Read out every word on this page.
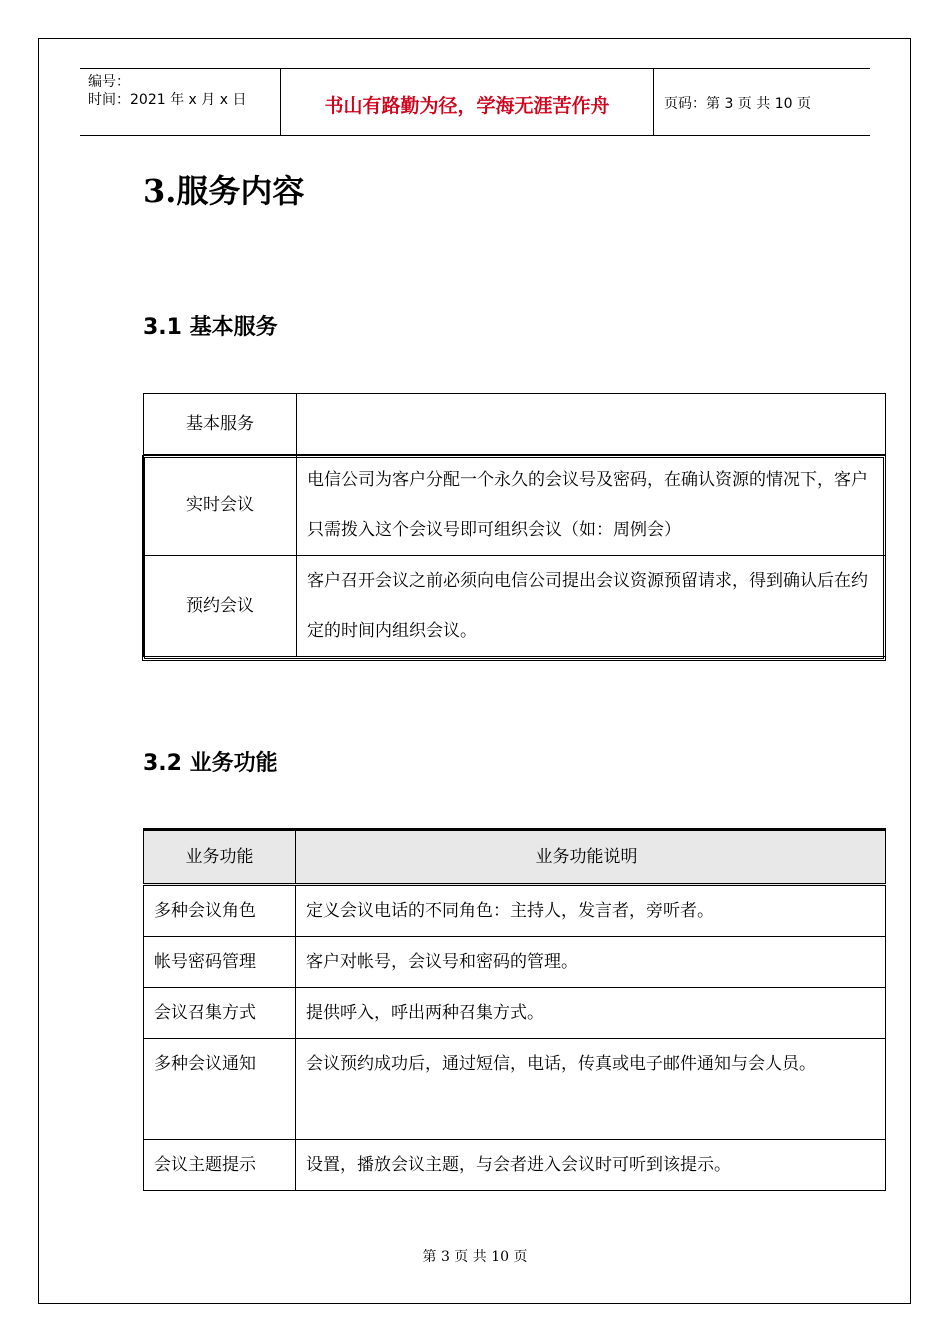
编号：
时间：2021 年 x 月 x 日	书山有路勤为径，学海无涯苦作舟	页码：第 3 页 共 10 页
3.服务内容
3.1 基本服务
基本服务	
实时会议	电信公司为客户分配一个永久的会议号及密码，在确认资源的情况下，客户只需拨入这个会议号即可组织会议（如：周例会）
预约会议	客户召开会议之前必须向电信公司提出会议资源预留请求，得到确认后在约定的时间内组织会议。
3.2 业务功能
业务功能	业务功能说明
多种会议角色	定义会议电话的不同角色：主持人，发言者，旁听者。
帐号密码管理	客户对帐号，会议号和密码的管理。
会议召集方式	提供呼入，呼出两种召集方式。
多种会议通知	会议预约成功后，通过短信，电话，传真或电子邮件通知与会人员。
会议主题提示	设置，播放会议主题，与会者进入会议时可听到该提示。
第 3 页 共 10 页
